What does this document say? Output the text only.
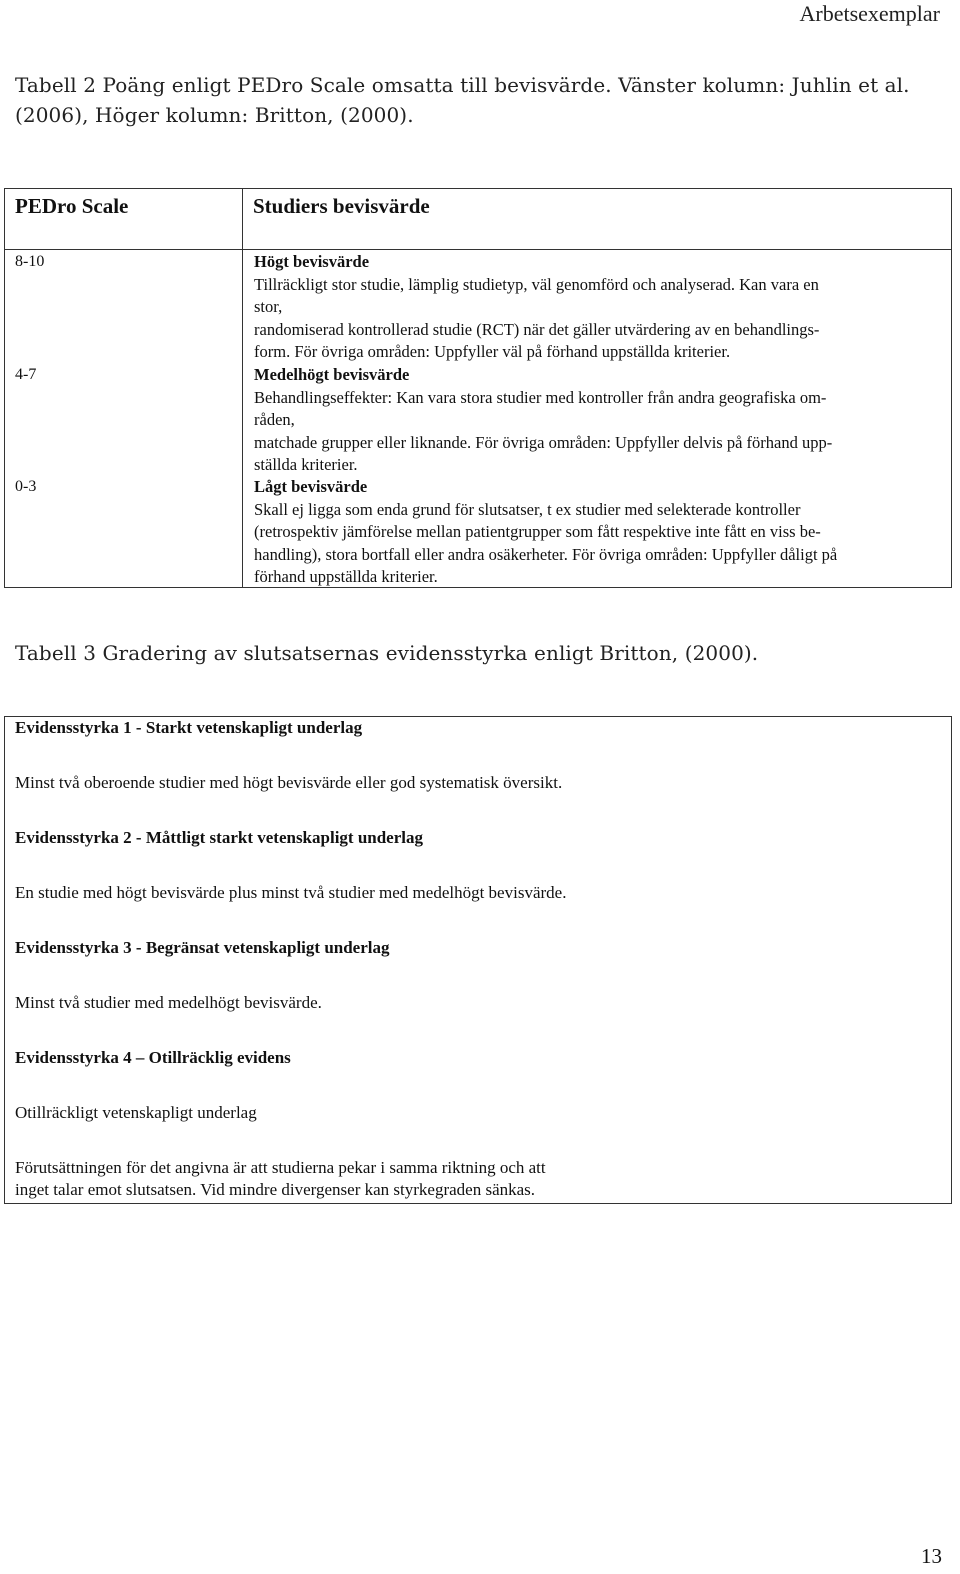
Arbetsexemplar
Tabell 2 Poäng enligt PEDro Scale omsatta till bevisvärde. Vänster kolumn: Juhlin et al.
(2006), Höger kolumn: Britton, (2000).
PEDro Scale	Studiers bevisvärde
8-10	Högt bevisvärde
Tillräckligt stor studie, lämplig studietyp, väl genomförd och analyserad. Kan vara en
stor,
randomiserad kontrollerad studie (RCT) när det gäller utvärdering av en behandlings-
form. För övriga områden: Uppfyller väl på förhand uppställda kriterier.
4-7	Medelhögt bevisvärde
Behandlingseffekter: Kan vara stora studier med kontroller från andra geografiska om-
råden,
matchade grupper eller liknande. För övriga områden: Uppfyller delvis på förhand upp-
ställda kriterier.
0-3	Lågt bevisvärde
Skall ej ligga som enda grund för slutsatser, t ex studier med selekterade kontroller
(retrospektiv jämförelse mellan patientgrupper som fått respektive inte fått en viss be-
handling), stora bortfall eller andra osäkerheter. För övriga områden: Uppfyller dåligt på
förhand uppställda kriterier.
Tabell 3 Gradering av slutsatsernas evidensstyrka enligt Britton, (2000).
Evidensstyrka 1 - Starkt vetenskapligt underlag
Minst två oberoende studier med högt bevisvärde eller god systematisk översikt.
Evidensstyrka 2 - Måttligt starkt vetenskapligt underlag
En studie med högt bevisvärde plus minst två studier med medelhögt bevisvärde.
Evidensstyrka 3 - Begränsat vetenskapligt underlag
Minst två studier med medelhögt bevisvärde.
Evidensstyrka 4 – Otillräcklig evidens
Otillräckligt vetenskapligt underlag
Förutsättningen för det angivna är att studierna pekar i samma riktning och att
inget talar emot slutsatsen. Vid mindre divergenser kan styrkegraden sänkas.
13
